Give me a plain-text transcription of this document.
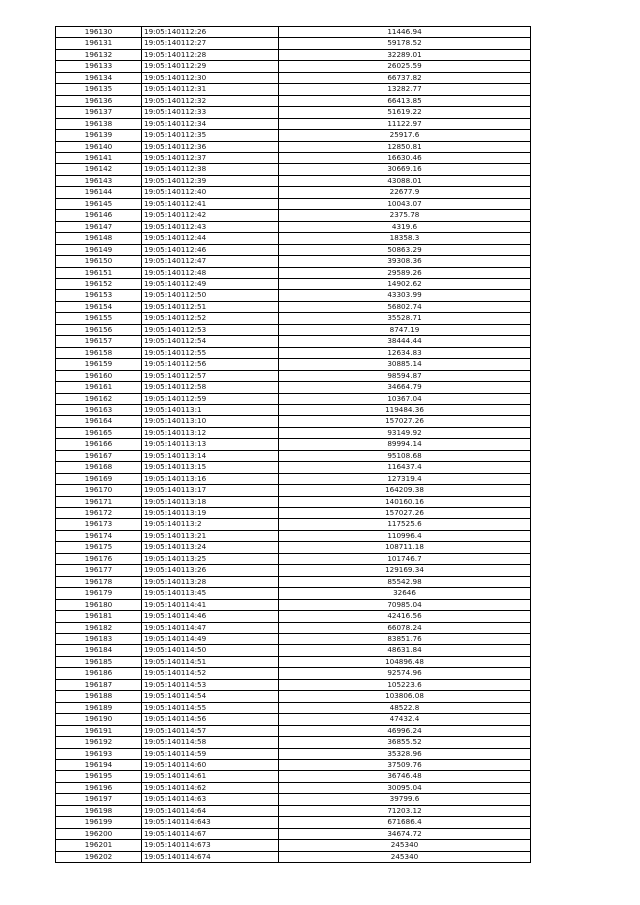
196130	19:05:140112:26	11446.94
196131	19:05:140112:27	59178.52
196132	19:05:140112:28	32289.01
196133	19:05:140112:29	26025.59
196134	19:05:140112:30	66737.82
196135	19:05:140112:31	13282.77
196136	19:05:140112:32	66413.85
196137	19:05:140112:33	51619.22
196138	19:05:140112:34	11122.97
196139	19:05:140112:35	25917.6
196140	19:05:140112:36	12850.81
196141	19:05:140112:37	16630.46
196142	19:05:140112:38	30669.16
196143	19:05:140112:39	43088.01
196144	19:05:140112:40	22677.9
196145	19:05:140112:41	10043.07
196146	19:05:140112:42	2375.78
196147	19:05:140112:43	4319.6
196148	19:05:140112:44	18358.3
196149	19:05:140112:46	50863.29
196150	19:05:140112:47	39308.36
196151	19:05:140112:48	29589.26
196152	19:05:140112:49	14902.62
196153	19:05:140112:50	43303.99
196154	19:05:140112:51	56802.74
196155	19:05:140112:52	35528.71
196156	19:05:140112:53	8747.19
196157	19:05:140112:54	38444.44
196158	19:05:140112:55	12634.83
196159	19:05:140112:56	30885.14
196160	19:05:140112:57	98594.87
196161	19:05:140112:58	34664.79
196162	19:05:140112:59	10367.04
196163	19:05:140113:1	119484.36
196164	19:05:140113:10	157027.26
196165	19:05:140113:12	93149.92
196166	19:05:140113:13	89994.14
196167	19:05:140113:14	95108.68
196168	19:05:140113:15	116437.4
196169	19:05:140113:16	127319.4
196170	19:05:140113:17	164209.38
196171	19:05:140113:18	140160.16
196172	19:05:140113:19	157027.26
196173	19:05:140113:2	117525.6
196174	19:05:140113:21	110996.4
196175	19:05:140113:24	108711.18
196176	19:05:140113:25	101746.7
196177	19:05:140113:26	129169.34
196178	19:05:140113:28	85542.98
196179	19:05:140113:45	32646
196180	19:05:140114:41	70985.04
196181	19:05:140114:46	42416.56
196182	19:05:140114:47	66078.24
196183	19:05:140114:49	83851.76
196184	19:05:140114:50	48631.84
196185	19:05:140114:51	104896.48
196186	19:05:140114:52	92574.96
196187	19:05:140114:53	105223.6
196188	19:05:140114:54	103806.08
196189	19:05:140114:55	48522.8
196190	19:05:140114:56	47432.4
196191	19:05:140114:57	46996.24
196192	19:05:140114:58	36855.52
196193	19:05:140114:59	35328.96
196194	19:05:140114:60	37509.76
196195	19:05:140114:61	36746.48
196196	19:05:140114:62	30095.04
196197	19:05:140114:63	39799.6
196198	19:05:140114:64	71203.12
196199	19:05:140114:643	671686.4
196200	19:05:140114:67	34674.72
196201	19:05:140114:673	245340
196202	19:05:140114:674	245340
